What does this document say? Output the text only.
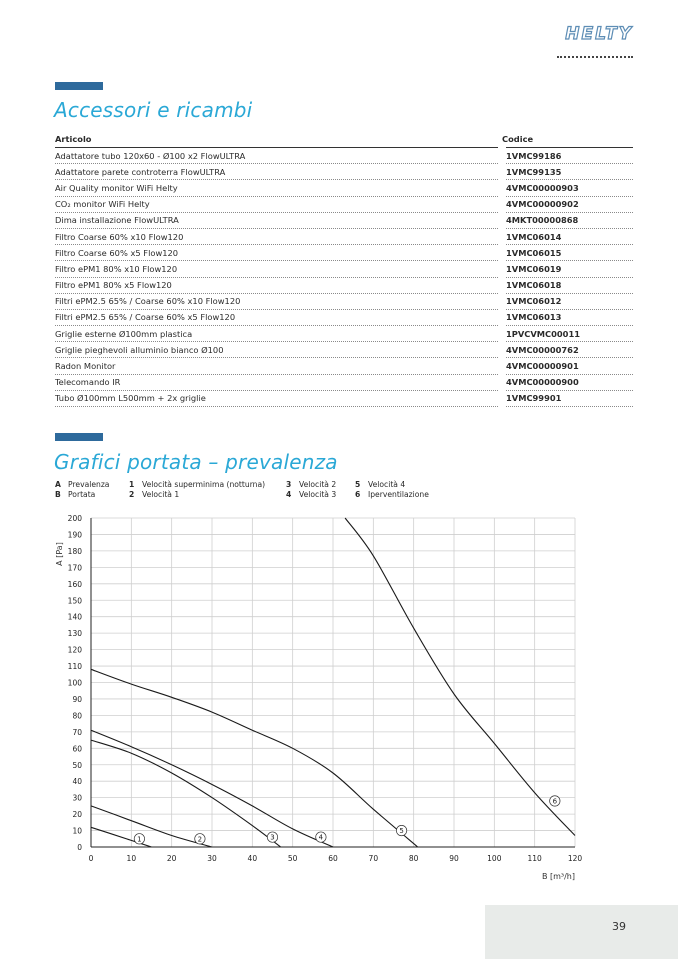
HELTY
Accessori e ricambi
Articolo	Codice
Adattatore tubo 120x60 - Ø100 x2 FlowULTRA	1VMC99186
Adattatore parete controterra FlowULTRA	1VMC99135
Air Quality monitor WiFi Helty	4VMC00000903
CO₂ monitor WiFi Helty	4VMC00000902
Dima installazione FlowULTRA	4MKT00000868
Filtro Coarse 60% x10 Flow120	1VMC06014
Filtro Coarse 60% x5 Flow120	1VMC06015
Filtro ePM1 80% x10 Flow120	1VMC06019
Filtro ePM1 80% x5 Flow120	1VMC06018
Filtri ePM2.5 65% / Coarse 60% x10 Flow120	1VMC06012
Filtri ePM2.5 65% / Coarse 60% x5 Flow120	1VMC06013
Griglie esterne Ø100mm plastica	1PVCVMC00011
Griglie pieghevoli alluminio bianco Ø100	4VMC00000762
Radon Monitor	4VMC00000901
Telecomando IR	4VMC00000900
Tubo Ø100mm L500mm + 2x griglie	1VMC99901
Grafici portata – prevalenza
A Prevalenza
B Portata
1 Velocità superminima (notturna)
2 Velocità 1
3 Velocità 2
4 Velocità 3
5 Velocità 4
6 Iperventilazione
0
10
20
30
40
50
60
70
80
90
100
110
120
130
140
150
160
170
180
190
200
0	10	20	30	40	50	60	70	80	90	100	110	120
1	2	3	4
5
6
A [Pa]
B [m³/h]
39
